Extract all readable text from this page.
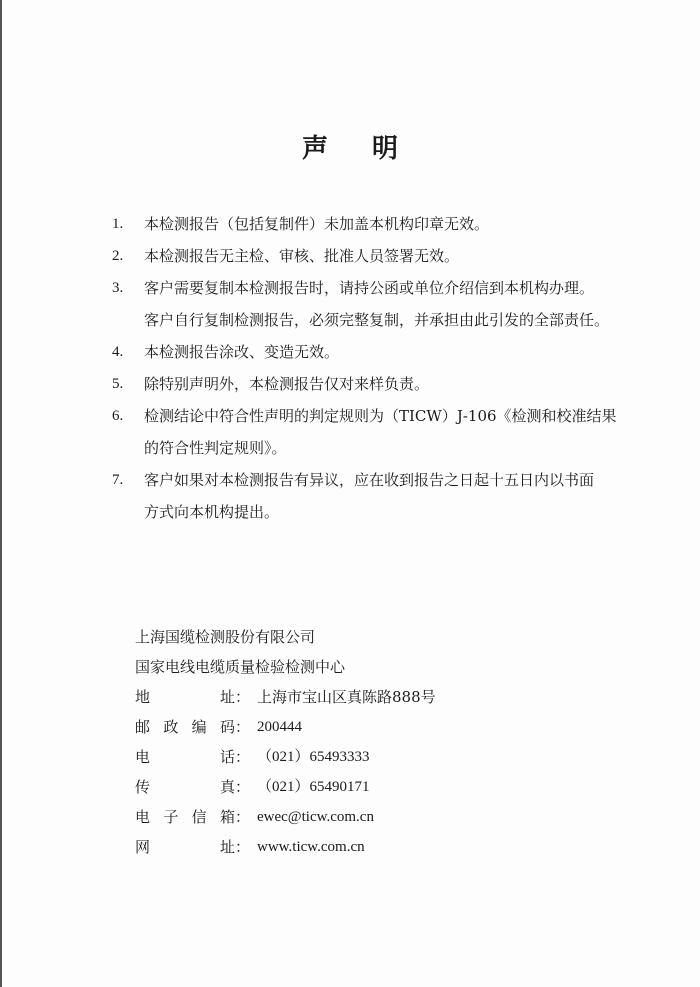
声 明
1.	本检测报告（包括复制件）未加盖本机构印章无效。
2.	本检测报告无主检、审核、批准人员签署无效。
3.	客户需要复制本检测报告时，请持公函或单位介绍信到本机构办理。
客户自行复制检测报告，必须完整复制，并承担由此引发的全部责任。
4.	本检测报告涂改、变造无效。
5.	除特别声明外，本检测报告仅对来样负责。
6.	检测结论中符合性声明的判定规则为（TICW）J-106《检测和校准结果
的符合性判定规则》。
7.	客户如果对本检测报告有异议，应在收到报告之日起十五日内以书面
方式向本机构提出。
上海国缆检测股份有限公司
国家电线电缆质量检验检测中心
地	址 ： 上海市宝山区真陈路888号
邮 政 编 码 ： 200444
电	话 ： （021）65493333
传	真 ： （021）65490171
电 子 信 箱 ： ewec@ticw.com.cn
网	址 ： www.ticw.com.cn
